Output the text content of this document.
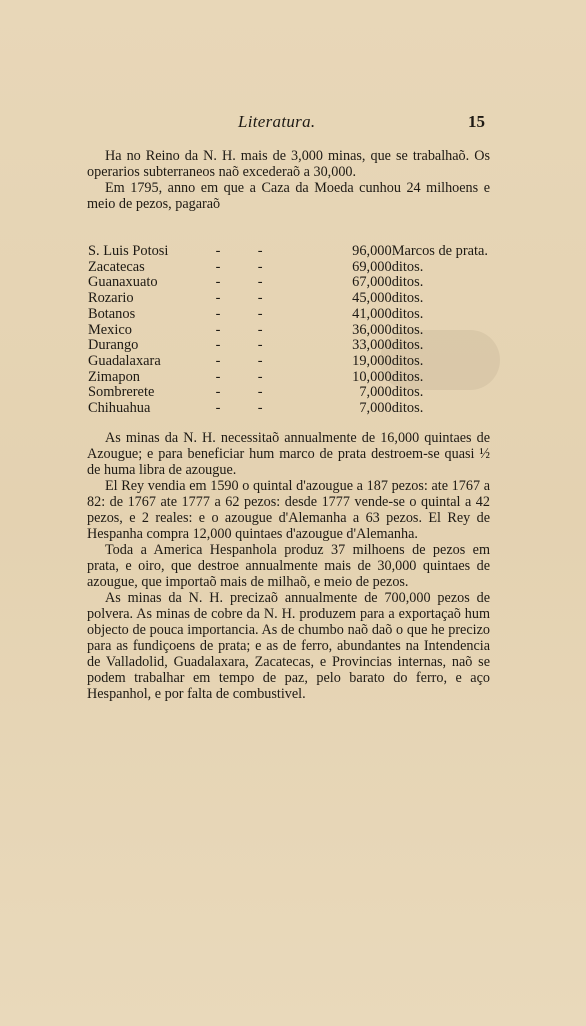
Literatura.	15

Ha no Reino da N. H. mais de 3,000 minas, que se trabalhaõ. Os operarios subterraneos naõ excederaõ a 30,000.

Em 1795, anno em que a Caza da Moeda cunhou 24 milhoens e meio de pezos, pagaraõ

S. Luis Potosi	-	-	96,000	Marcos de prata.
Zacatecas	-	-	69,000	ditos.
Guanaxuato	-	-	67,000	ditos.
Rozario	-	-	45,000	ditos.
Botanos	-	-	41,000	ditos.
Mexico	-	-	36,000	ditos.
Durango	-	-	33,000	ditos.
Guadalaxara	-	-	19,000	ditos.
Zimapon	-	-	10,000	ditos.
Sombrerete	-	-	7,000	ditos.
Chihuahua	-	-	7,000	ditos.

As minas da N. H. necessitaõ annualmente de 16,000 quintaes de Azougue; e para beneficiar hum marco de prata destroem-se quasi ½ de huma libra de azougue.

El Rey vendia em 1590 o quintal d'azougue a 187 pezos: ate 1767 a 82: de 1767 ate 1777 a 62 pezos: desde 1777 vende-se o quintal a 42 pezos, e 2 reales: e o azougue d'Alemanha a 63 pezos. El Rey de Hespanha compra 12,000 quintaes d'azougue d'Alemanha.

Toda a America Hespanhola produz 37 milhoens de pezos em prata, e oiro, que destroe annualmente mais de 30,000 quintaes de azougue, que importaõ mais de milhaõ, e meio de pezos.

As minas da N. H. precizaõ annualmente de 700,000 pezos de polvera. As minas de cobre da N. H. produzem para a exportaçaõ hum objecto de pouca importancia. As de chumbo naõ daõ o que he precizo para as fundiçoens de prata; e as de ferro, abundantes na Intendencia de Valladolid, Guadalaxara, Zacatecas, e Provincias internas, naõ se podem trabalhar em tempo de paz, pelo barato do ferro, e aço Hespanhol, e por falta de combustivel.
